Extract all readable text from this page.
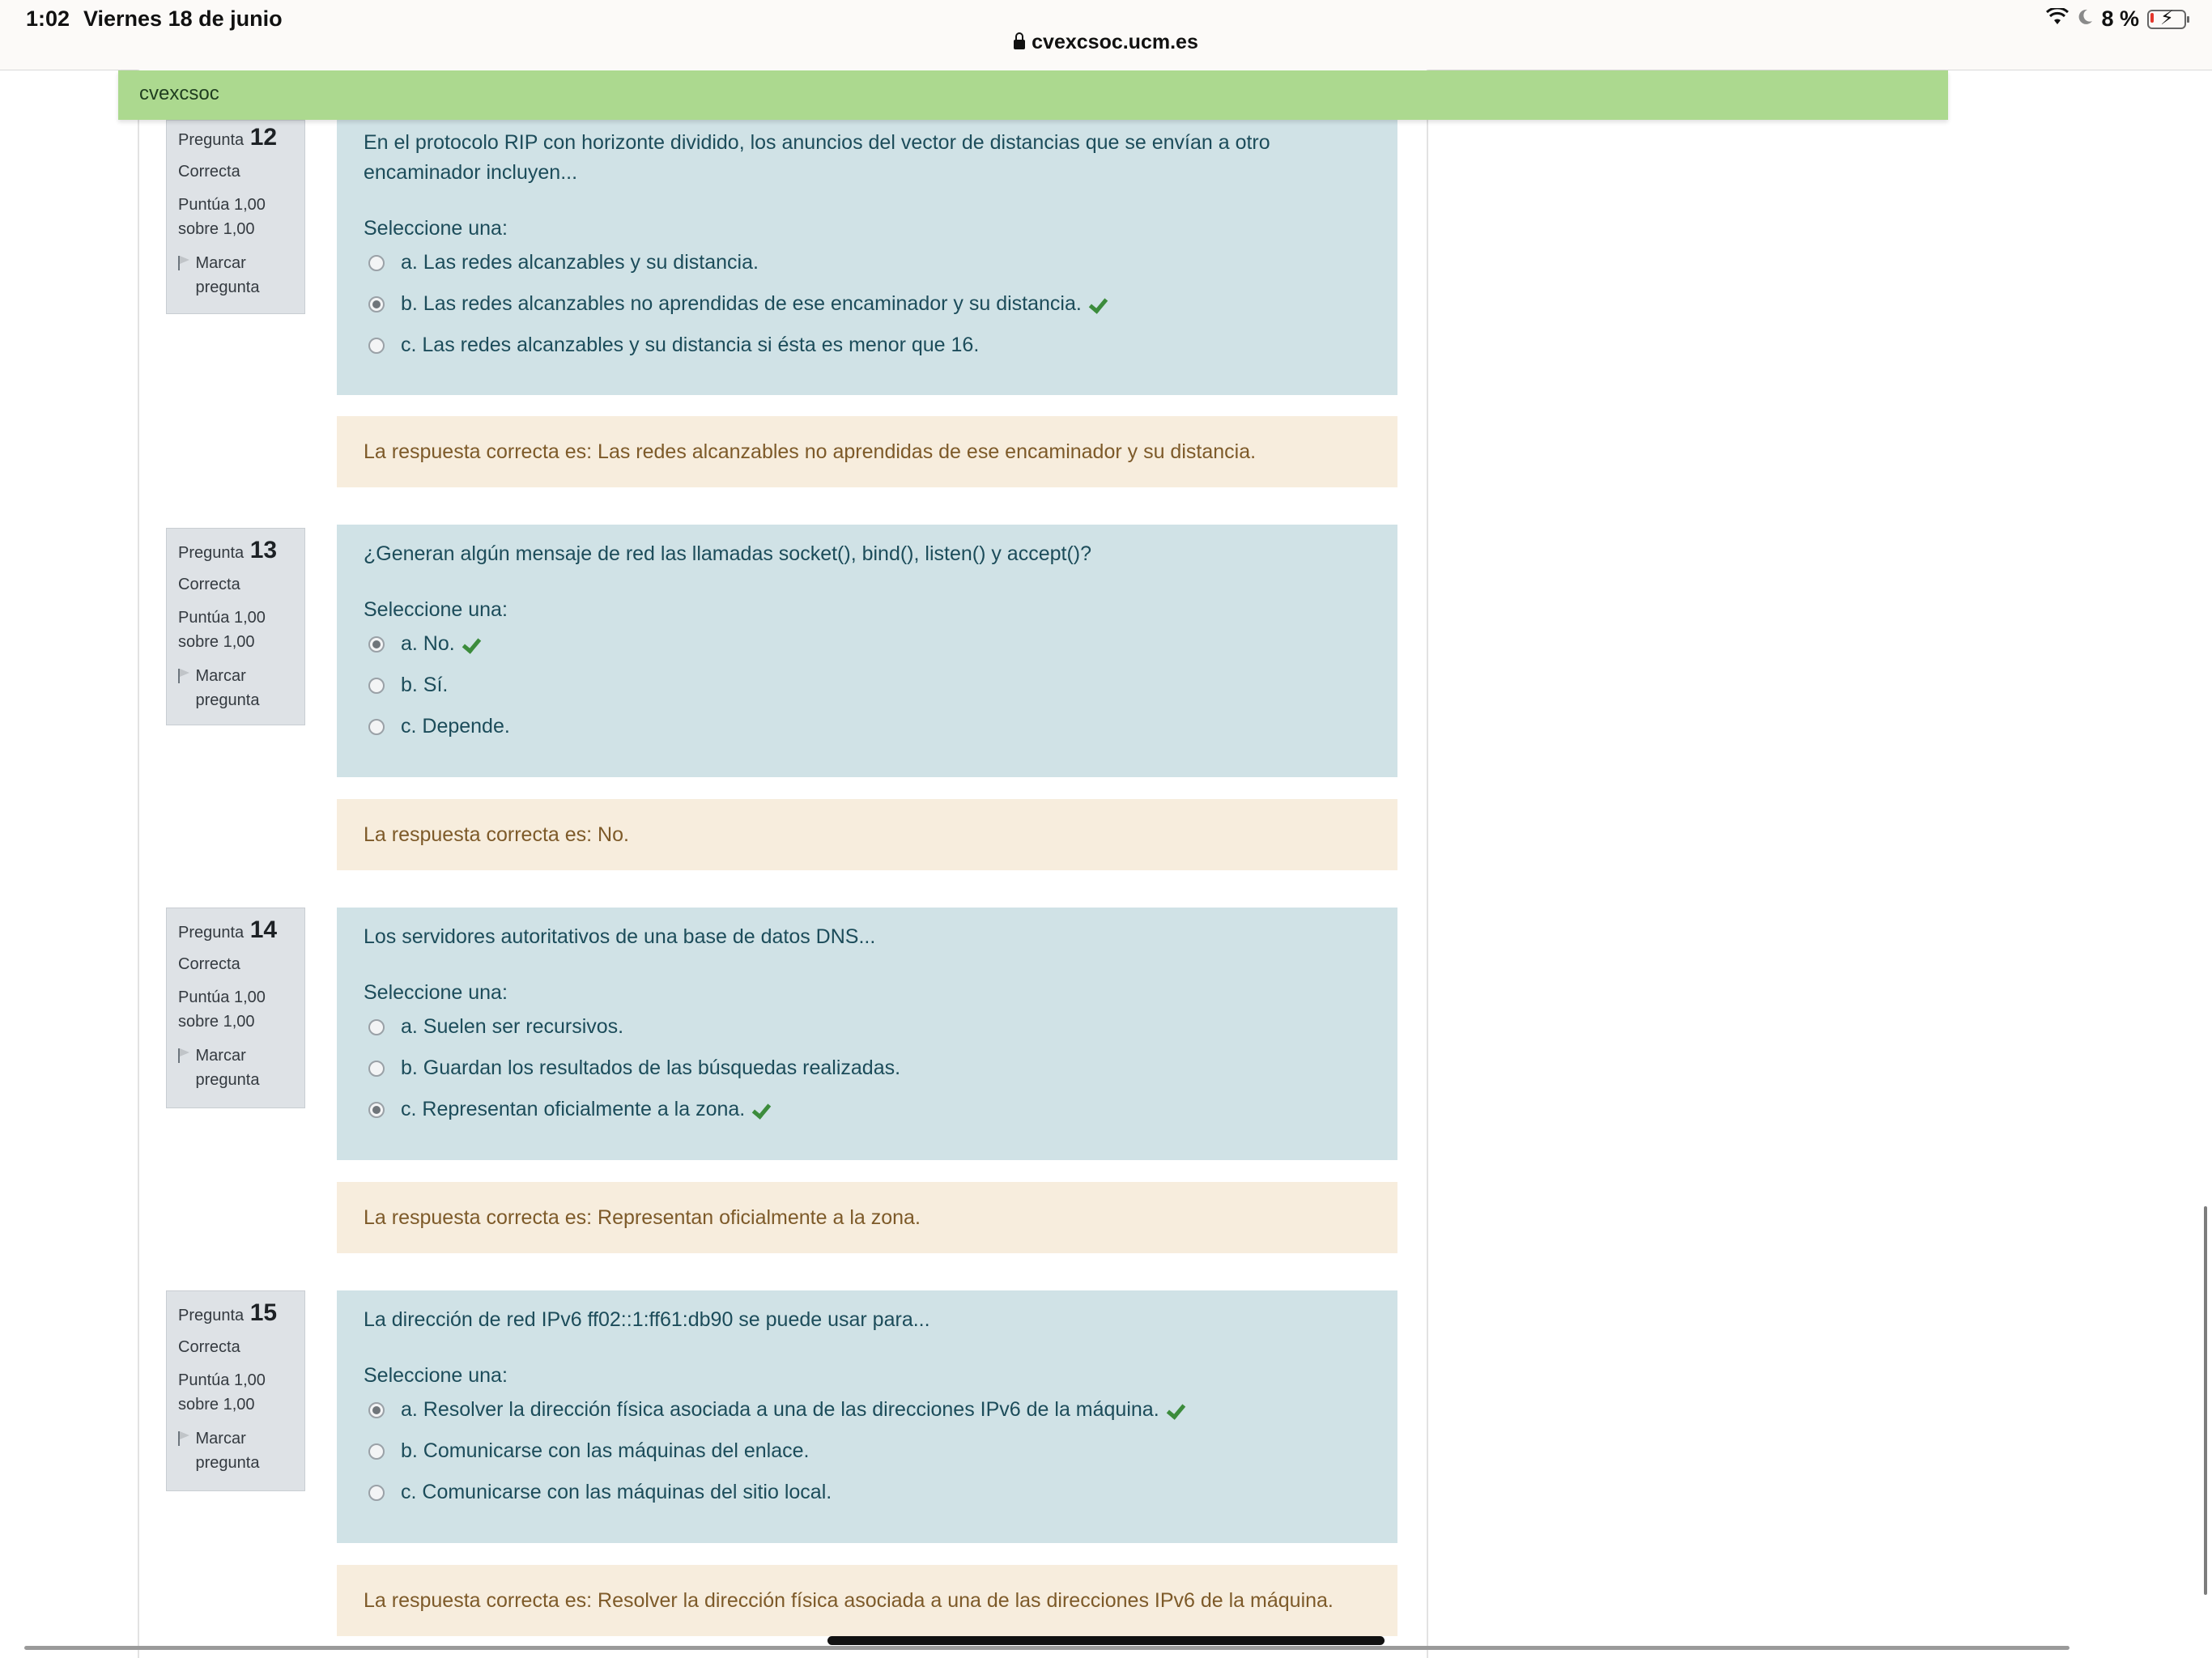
1:02 Viernes 18 de junio	8 % ⚡
cvexcsoc.ucm.es
cvexcsoc
Pregunta 12
Correcta
Puntúa 1,00
sobre 1,00
Marcar pregunta
En el protocolo RIP con horizonte dividido, los anuncios del vector de distancias que se envían a otro encaminador incluyen...
Seleccione una:
a. Las redes alcanzables y su distancia.
b. Las redes alcanzables no aprendidas de ese encaminador y su distancia.
c. Las redes alcanzables y su distancia si ésta es menor que 16.
La respuesta correcta es: Las redes alcanzables no aprendidas de ese encaminador y su distancia.
Pregunta 13
Correcta
Puntúa 1,00
sobre 1,00
Marcar pregunta
¿Generan algún mensaje de red las llamadas socket(), bind(), listen() y accept()?
Seleccione una:
a. No.
b. Sí.
c. Depende.
La respuesta correcta es: No.
Pregunta 14
Correcta
Puntúa 1,00
sobre 1,00
Marcar pregunta
Los servidores autoritativos de una base de datos DNS...
Seleccione una:
a. Suelen ser recursivos.
b. Guardan los resultados de las búsquedas realizadas.
c. Representan oficialmente a la zona.
La respuesta correcta es: Representan oficialmente a la zona.
Pregunta 15
Correcta
Puntúa 1,00
sobre 1,00
Marcar pregunta
La dirección de red IPv6 ff02::1:ff61:db90 se puede usar para...
Seleccione una:
a. Resolver la dirección física asociada a una de las direcciones IPv6 de la máquina.
b. Comunicarse con las máquinas del enlace.
c. Comunicarse con las máquinas del sitio local.
La respuesta correcta es: Resolver la dirección física asociada a una de las direcciones IPv6 de la máquina.
